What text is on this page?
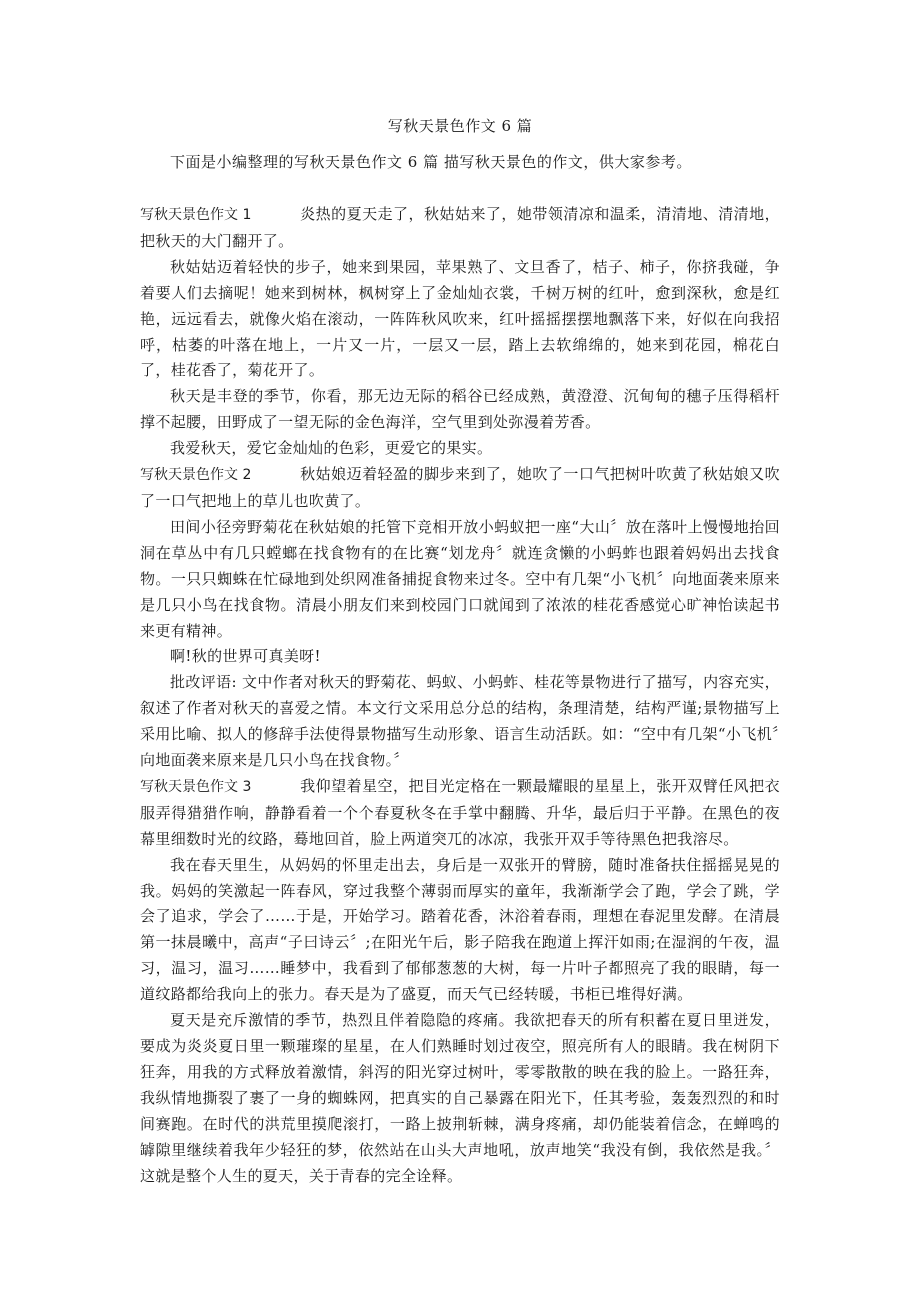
写秋天景色作文 6 篇
下面是小编整理的写秋天景色作文 6 篇 描写秋天景色的作文，供大家参考。

写秋天景色作文 1	炎热的夏天走了，秋姑姑来了，她带领清凉和温柔，清清地、清清地，把秋天的大门翻开了。

秋姑姑迈着轻快的步子，她来到果园，苹果熟了、文旦香了，桔子、柿子，你挤我碰，争着要人们去摘呢！她来到树林，枫树穿上了金灿灿衣裳，千树万树的红叶，愈到深秋，愈是红艳，远远看去，就像火焰在滚动，一阵阵秋风吹来，红叶摇摇摆摆地飘落下来，好似在向我招呼，枯萎的叶落在地上，一片又一片，一层又一层，踏上去软绵绵的，她来到花园，棉花白了，桂花香了，菊花开了。

秋天是丰登的季节，你看，那无边无际的稻谷已经成熟，黄澄澄、沉甸甸的穗子压得稻杆撑不起腰，田野成了一望无际的金色海洋，空气里到处弥漫着芳香。

我爱秋天，爱它金灿灿的色彩，更爱它的果实。

写秋天景色作文 2	秋姑娘迈着轻盈的脚步来到了，她吹了一口气把树叶吹黄了秋姑娘又吹了一口气把地上的草儿也吹黄了。

田间小径旁野菊花在秋姑娘的托管下竞相开放小蚂蚁把一座“大山〞放在落叶上慢慢地抬回洞在草丛中有几只螳螂在找食物有的在比赛“划龙舟〞就连贪懒的小蚂蚱也跟着妈妈出去找食物。一只只蜘蛛在忙碌地到处织网准备捕捉食物来过冬。空中有几架“小飞机〞向地面袭来原来是几只小鸟在找食物。清晨小朋友们来到校园门口就闻到了浓浓的桂花香感觉心旷神怡读起书来更有精神。

啊!秋的世界可真美呀!

批改评语: 文中作者对秋天的野菊花、蚂蚁、小蚂蚱、桂花等景物进行了描写，内容充实，叙述了作者对秋天的喜爱之情。本文行文采用总分总的结构，条理清楚，结构严谨;景物描写上采用比喻、拟人的修辞手法使得景物描写生动形象、语言生动活跃。如：“空中有几架“小飞机〞向地面袭来原来是几只小鸟在找食物。〞

写秋天景色作文 3	我仰望着星空，把目光定格在一颗最耀眼的星星上，张开双臂任风把衣服弄得猎猎作响，静静看着一个个春夏秋冬在手掌中翻腾、升华，最后归于平静。在黑色的夜幕里细数时光的纹路，蓦地回首，脸上两道突兀的冰凉，我张开双手等待黑色把我溶尽。

我在春天里生，从妈妈的怀里走出去，身后是一双张开的臂膀，随时准备扶住摇摇晃晃的我。妈妈的笑激起一阵春风，穿过我整个薄弱而厚实的童年，我渐渐学会了跑，学会了跳，学会了追求，学会了……于是，开始学习。踏着花香，沐浴着春雨，理想在春泥里发酵。在清晨第一抹晨曦中，高声“子曰诗云〞;在阳光午后，影子陪我在跑道上挥汗如雨;在湿润的午夜，温习，温习，温习……睡梦中，我看到了郁郁葱葱的大树，每一片叶子都照亮了我的眼睛，每一道纹路都给我向上的张力。春天是为了盛夏，而天气已经转暖，书柜已堆得好满。

夏天是充斥激情的季节，热烈且伴着隐隐的疼痛。我欲把春天的所有积蓄在夏日里迸发，要成为炎炎夏日里一颗璀璨的星星，在人们熟睡时划过夜空，照亮所有人的眼睛。我在树阴下狂奔，用我的方式释放着激情，斜泻的阳光穿过树叶，零零散散的映在我的脸上。一路狂奔，我纵情地撕裂了裹了一身的蜘蛛网，把真实的自己暴露在阳光下，任其考验，轰轰烈烈的和时间赛跑。在时代的洪荒里摸爬滚打，一路上披荆斩棘，满身疼痛，却仍能装着信念，在蝉鸣的罅隙里继续着我年少轻狂的梦，依然站在山头大声地吼，放声地笑“我没有倒，我依然是我。〞这就是整个人生的夏天，关于青春的完全诠释。
